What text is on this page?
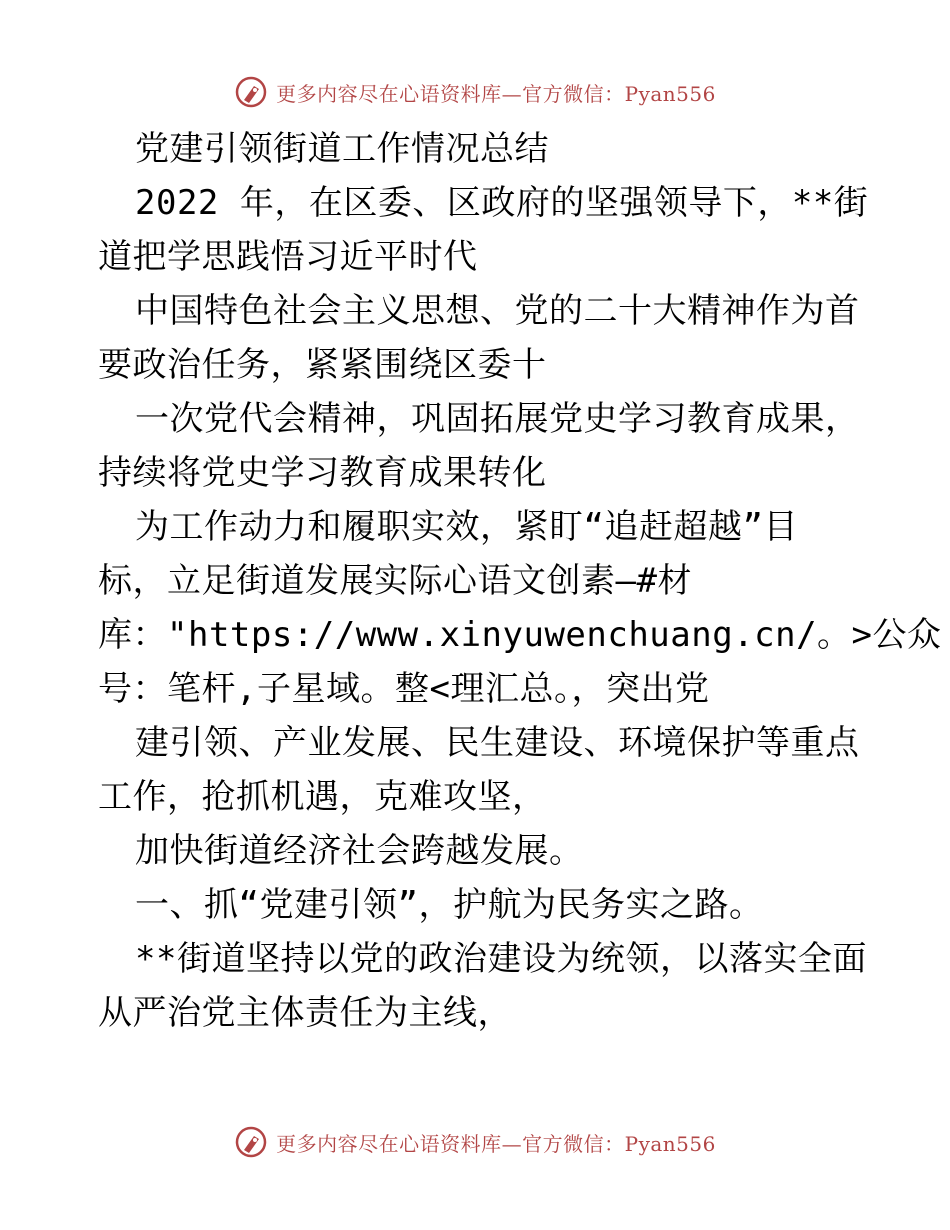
更多内容尽在心语资料库—官方微信：Pyan556
党建引领街道工作情况总结
2022 年，在区委、区政府的坚强领导下，**街
道把学思践悟习近平时代
中国特色社会主义思想、党的二十大精神作为首
要政治任务，紧紧围绕区委十
一次党代会精神，巩固拓展党史学习教育成果，
持续将党史学习教育成果转化
为工作动力和履职实效，紧盯“追赶超越”目
标，立足街道发展实际心语文创素—#材
库："https://www.xinyuwenchuang.cn/。>公众
号：笔杆,子星域。整<理汇总。，突出党
建引领、产业发展、民生建设、环境保护等重点
工作，抢抓机遇，克难攻坚，
加快街道经济社会跨越发展。
一、抓“党建引领”，护航为民务实之路。
**街道坚持以党的政治建设为统领，以落实全面
从严治党主体责任为主线，
更多内容尽在心语资料库—官方微信：Pyan556
